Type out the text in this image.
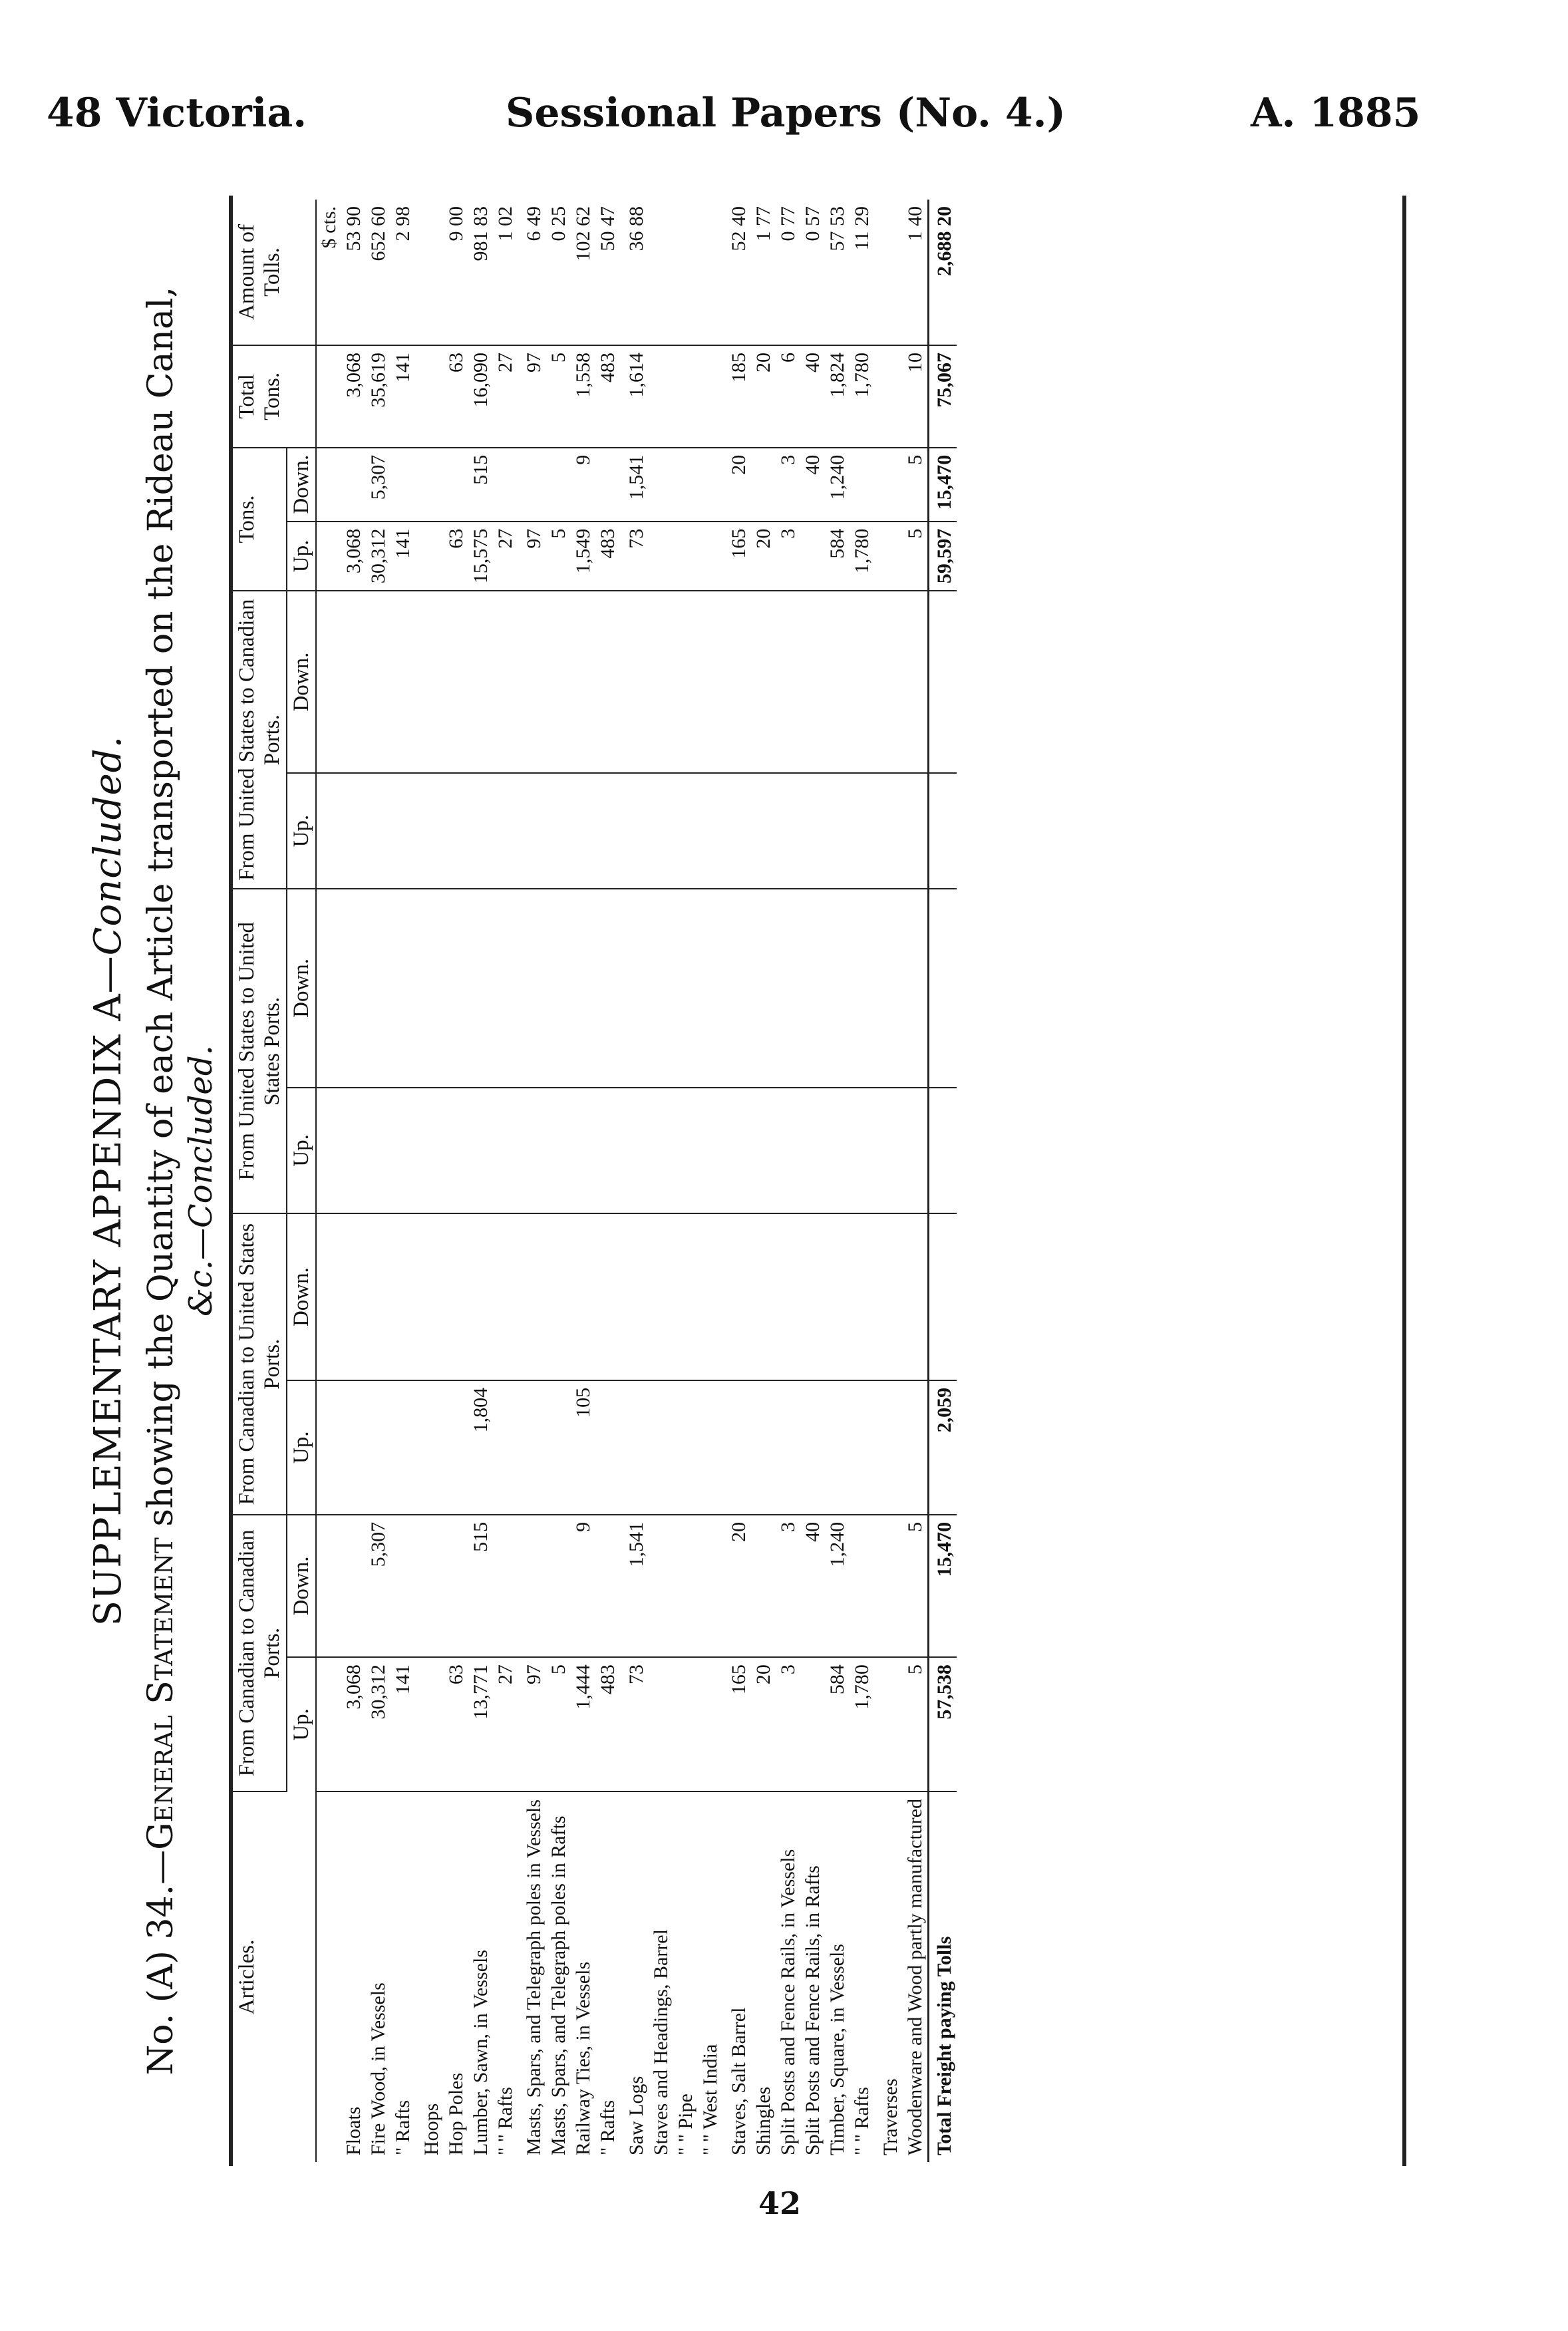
48 Victoria.	Sessional Papers (No. 4.)	A. 1885
SUPPLEMENTARY APPENDIX A—Concluded.
No. (A) 34.—General Statement showing the Quantity of each Article transported on the Rideau Canal, &c.—Concluded.
Articles.	From Canadian to Canadian Ports.		From Canadian to United States Ports.		From United States to United States Ports.		From United States to Canadian Ports.		Tons.		Total Tons.	Amount of Tolls.
	Up.	Down.	Up.	Down.	Up.	Down.	Up.	Down.	Up.	Down.		
												$ cts.
Floats	3,068								3,068		3,068	53 90
Fire Wood, in Vessels	30,312	5,307							30,312	5,307	35,619	652 60
" Rafts	141								141		141	2 98
Hoops												
Hop Poles	63								63		63	9 00
Lumber, Sawn, in Vessels	13,771	515	1,804						15,575	515	16,090	981 83
" " Rafts	27								27		27	1 02
Masts, Spars, and Telegraph poles in Vessels	97								97		97	6 49
Masts, Spars, and Telegraph poles in Rafts	5								5		5	0 25
Railway Ties, in Vessels	1,444	9	105						1,549	9	1,558	102 62
" Rafts	483								483		483	50 47
Saw Logs	73	1,541							73	1,541	1,614	36 88
Staves and Headings, Barrel												
" " Pipe												
" " West India												
Staves, Salt Barrel	165	20							165	20	185	52 40
Shingles	20								20		20	1 77
Split Posts and Fence Rails, in Vessels	3	3							3	3	6	0 77
Split Posts and Fence Rails, in Rafts		40								40	40	0 57
Timber, Square, in Vessels	584	1,240							584	1,240	1,824	57 53
" " Rafts	1,780								1,780		1,780	11 29
Traverses												
Woodenware and Wood partly manufactured	5	5							5	5	10	1 40
Total Freight paying Tolls	57,538	15,470	2,059						59,597	15,470	75,067	2,688 20
42
